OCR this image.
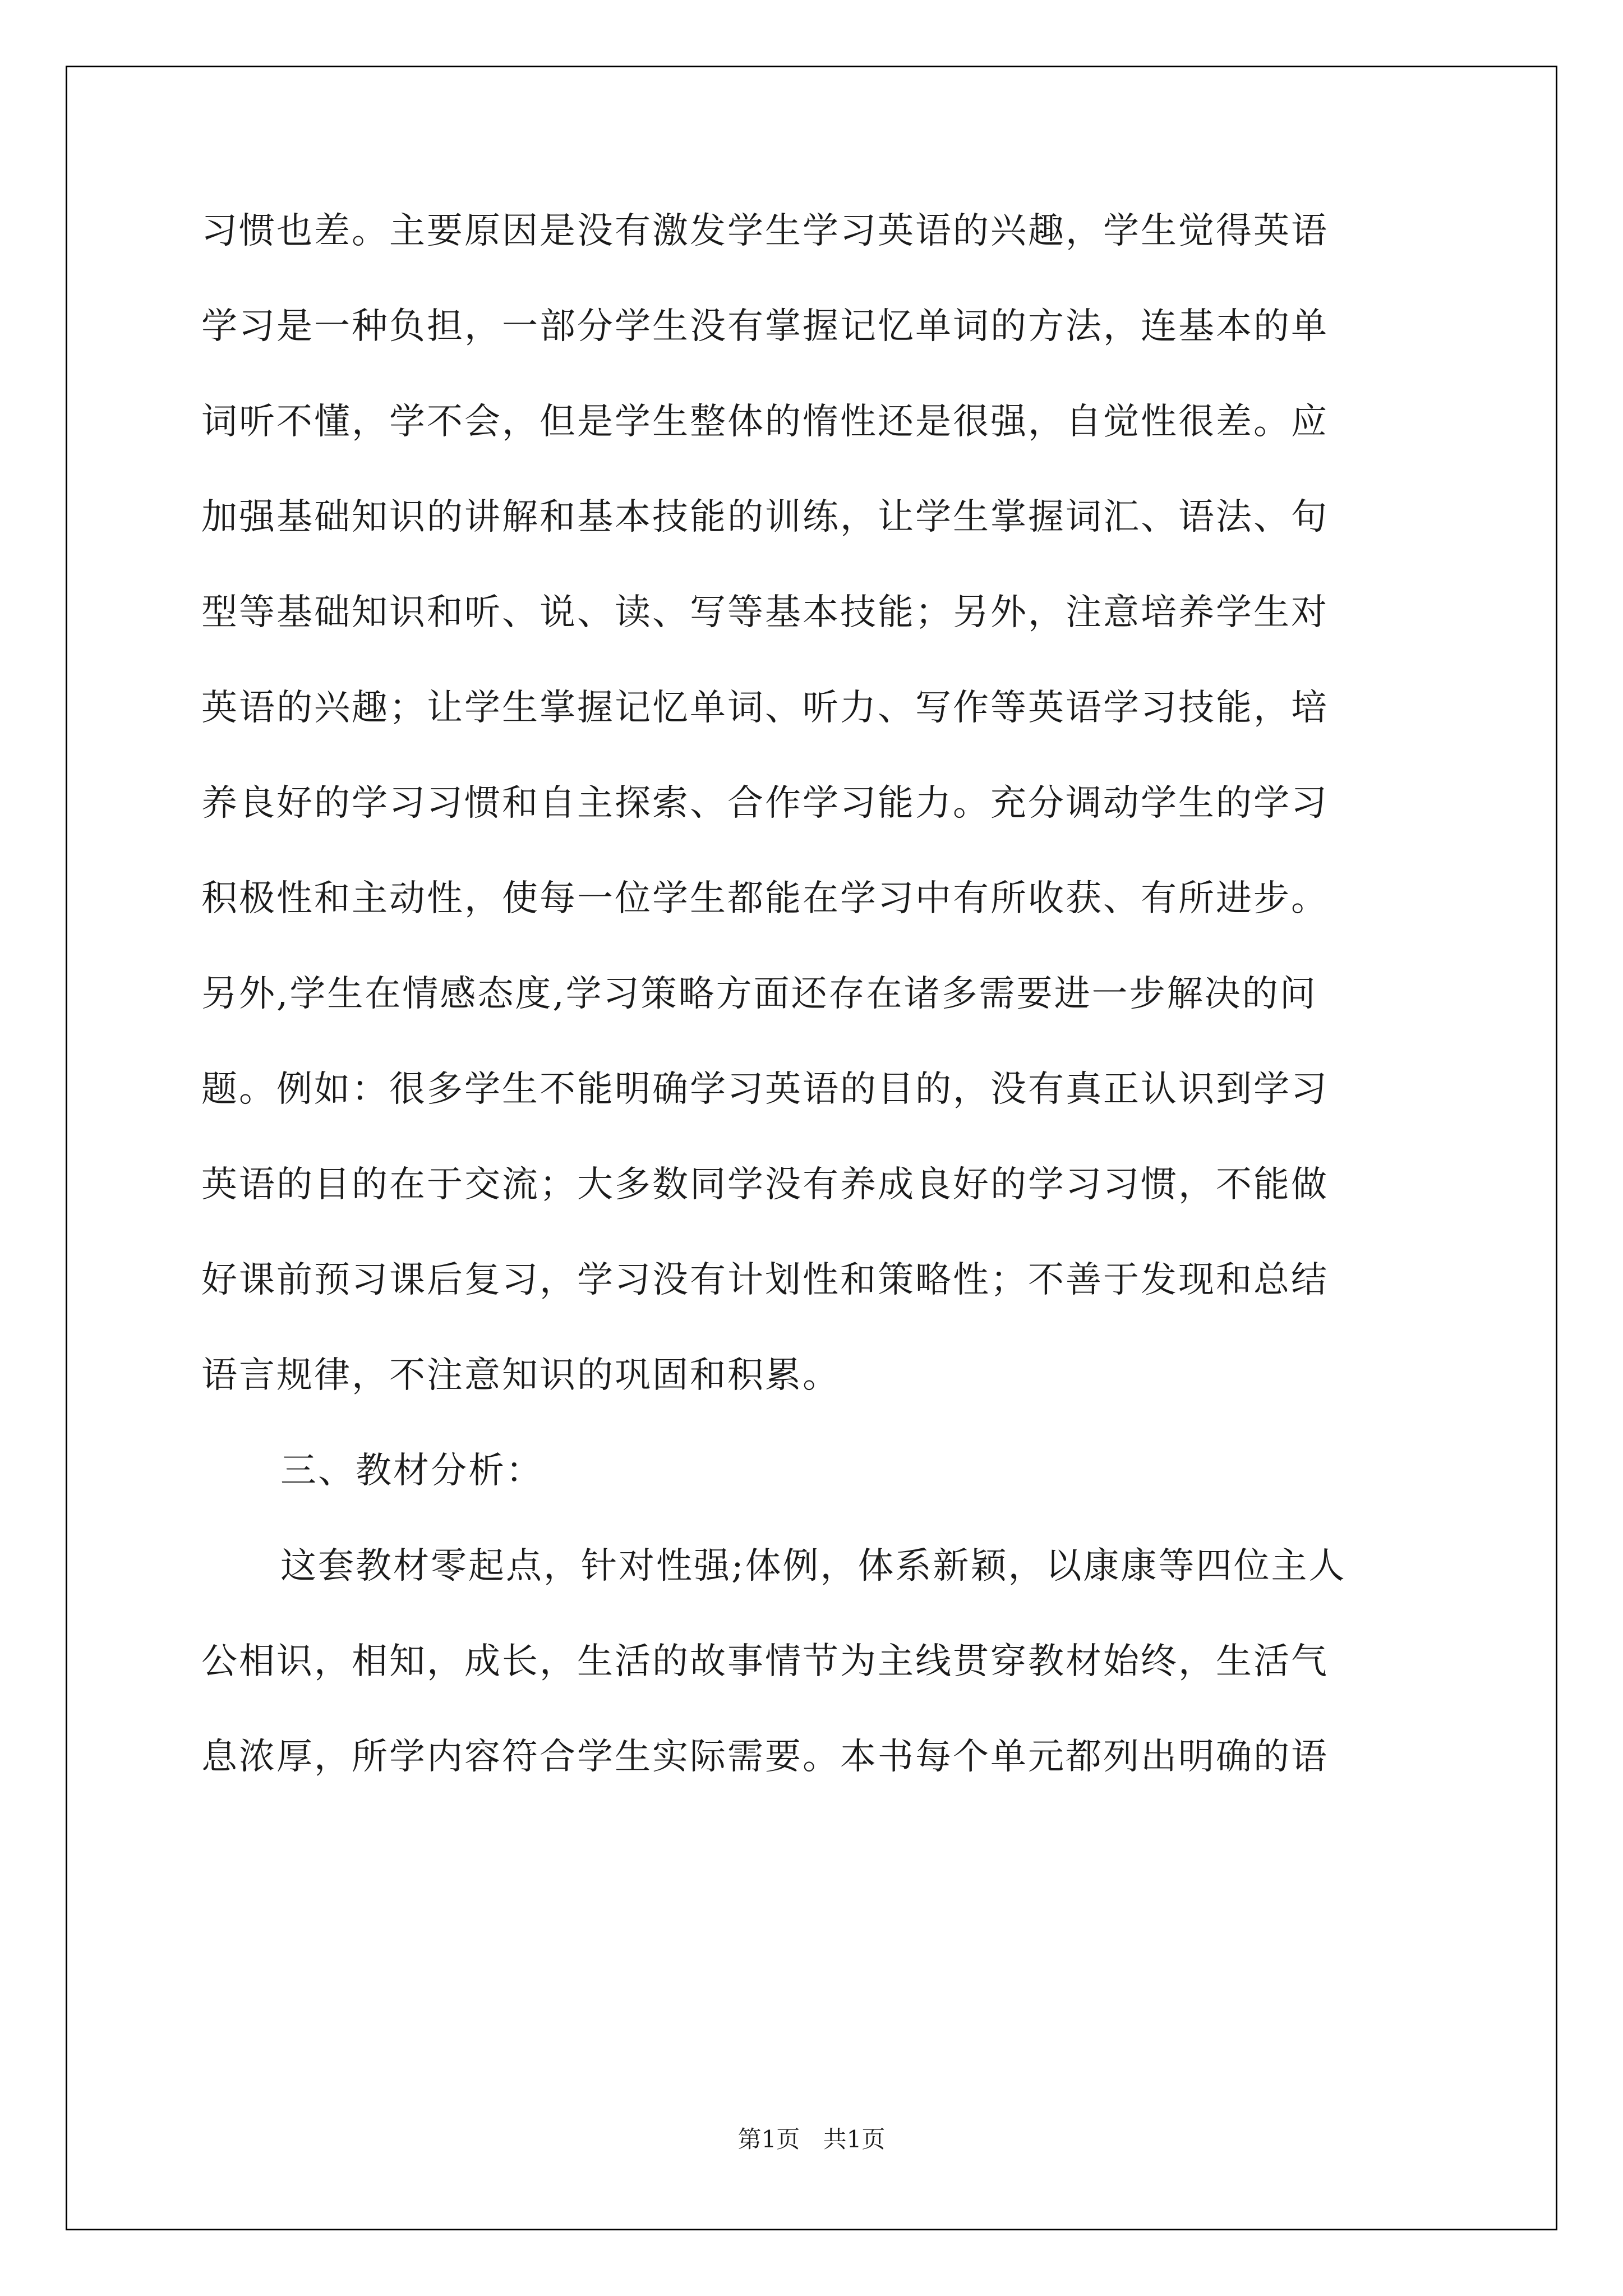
习惯也差。主要原因是没有激发学生学习英语的兴趣，学生觉得英语
学习是一种负担，一部分学生没有掌握记忆单词的方法，连基本的单
词听不懂，学不会，但是学生整体的惰性还是很强，自觉性很差。应
加强基础知识的讲解和基本技能的训练，让学生掌握词汇、语法、句
型等基础知识和听、说、读、写等基本技能；另外，注意培养学生对
英语的兴趣；让学生掌握记忆单词、听力、写作等英语学习技能，培
养良好的学习习惯和自主探索、合作学习能力。充分调动学生的学习
积极性和主动性，使每一位学生都能在学习中有所收获、有所进步。
另外,学生在情感态度,学习策略方面还存在诸多需要进一步解决的问
题。例如：很多学生不能明确学习英语的目的，没有真正认识到学习
英语的目的在于交流；大多数同学没有养成良好的学习习惯，不能做
好课前预习课后复习，学习没有计划性和策略性；不善于发现和总结
语言规律，不注意知识的巩固和积累。
三、教材分析：
这套教材零起点，针对性强;体例，体系新颖，以康康等四位主人
公相识，相知，成长，生活的故事情节为主线贯穿教材始终，生活气
息浓厚，所学内容符合学生实际需要。本书每个单元都列出明确的语
第1页 共1页
